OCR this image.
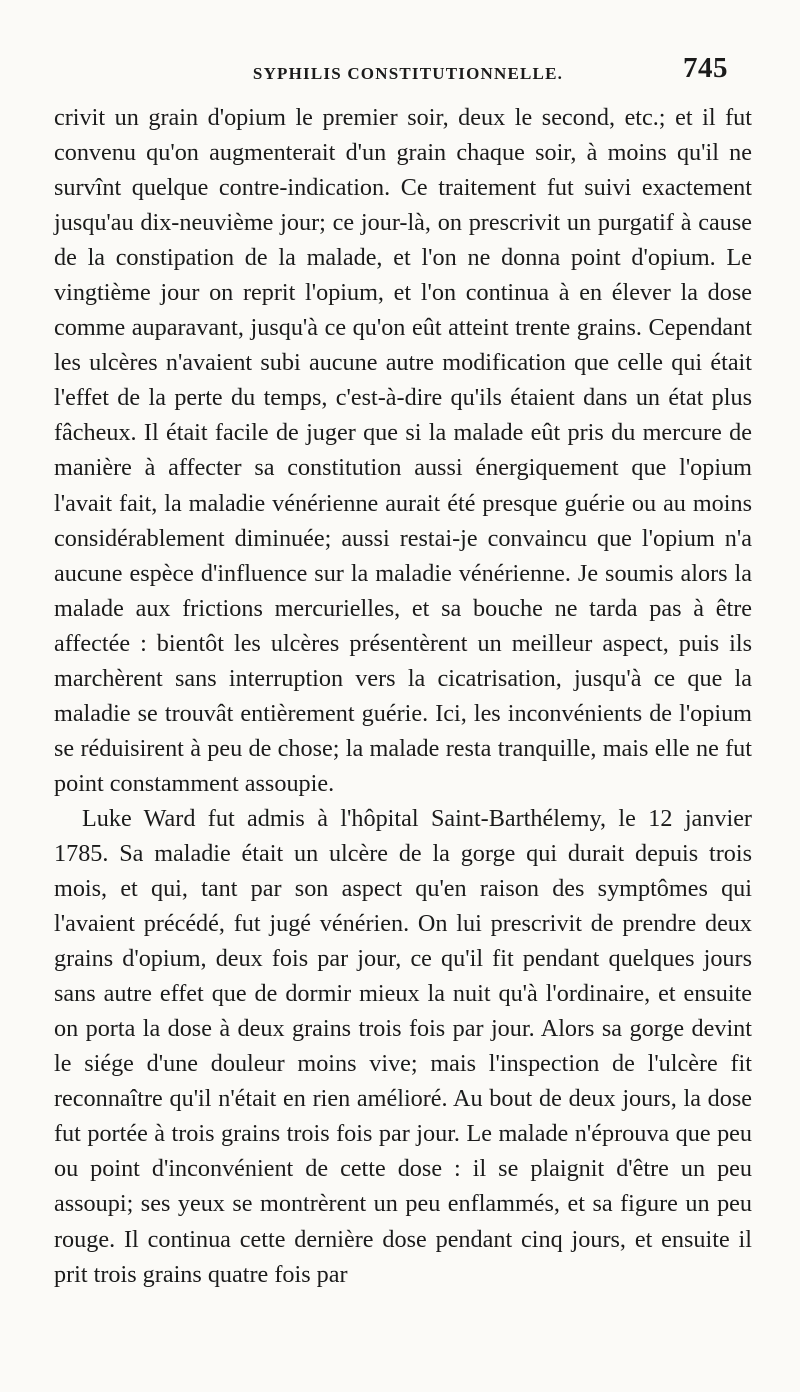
SYPHILIS CONSTITUTIONNELLE.	745

crivit un grain d'opium le premier soir, deux le second, etc.; et il fut convenu qu'on augmenterait d'un grain chaque soir, à moins qu'il ne survînt quelque contre-indication. Ce traitement fut suivi exactement jusqu'au dix-neuvième jour; ce jour-là, on prescrivit un purgatif à cause de la constipation de la malade, et l'on ne donna point d'opium. Le vingtième jour on reprit l'opium, et l'on continua à en élever la dose comme auparavant, jusqu'à ce qu'on eût atteint trente grains. Cependant les ulcères n'avaient subi aucune autre modification que celle qui était l'effet de la perte du temps, c'est-à-dire qu'ils étaient dans un état plus fâcheux. Il était facile de juger que si la malade eût pris du mercure de manière à affecter sa constitution aussi énergiquement que l'opium l'avait fait, la maladie vénérienne aurait été presque guérie ou au moins considérablement diminuée; aussi restai-je convaincu que l'opium n'a aucune espèce d'influence sur la maladie vénérienne. Je soumis alors la malade aux frictions mercurielles, et sa bouche ne tarda pas à être affectée : bientôt les ulcères présentèrent un meilleur aspect, puis ils marchèrent sans interruption vers la cicatrisation, jusqu'à ce que la maladie se trouvât entièrement guérie. Ici, les inconvénients de l'opium se réduisirent à peu de chose; la malade resta tranquille, mais elle ne fut point constamment assoupie.

Luke Ward fut admis à l'hôpital Saint-Barthélemy, le 12 janvier 1785. Sa maladie était un ulcère de la gorge qui durait depuis trois mois, et qui, tant par son aspect qu'en raison des symptômes qui l'avaient précédé, fut jugé vénérien. On lui prescrivit de prendre deux grains d'opium, deux fois par jour, ce qu'il fit pendant quelques jours sans autre effet que de dormir mieux la nuit qu'à l'ordinaire, et ensuite on porta la dose à deux grains trois fois par jour. Alors sa gorge devint le siége d'une douleur moins vive; mais l'inspection de l'ulcère fit reconnaître qu'il n'était en rien amélioré. Au bout de deux jours, la dose fut portée à trois grains trois fois par jour. Le malade n'éprouva que peu ou point d'inconvénient de cette dose : il se plaignit d'être un peu assoupi; ses yeux se montrèrent un peu enflammés, et sa figure un peu rouge. Il continua cette dernière dose pendant cinq jours, et ensuite il prit trois grains quatre fois par
